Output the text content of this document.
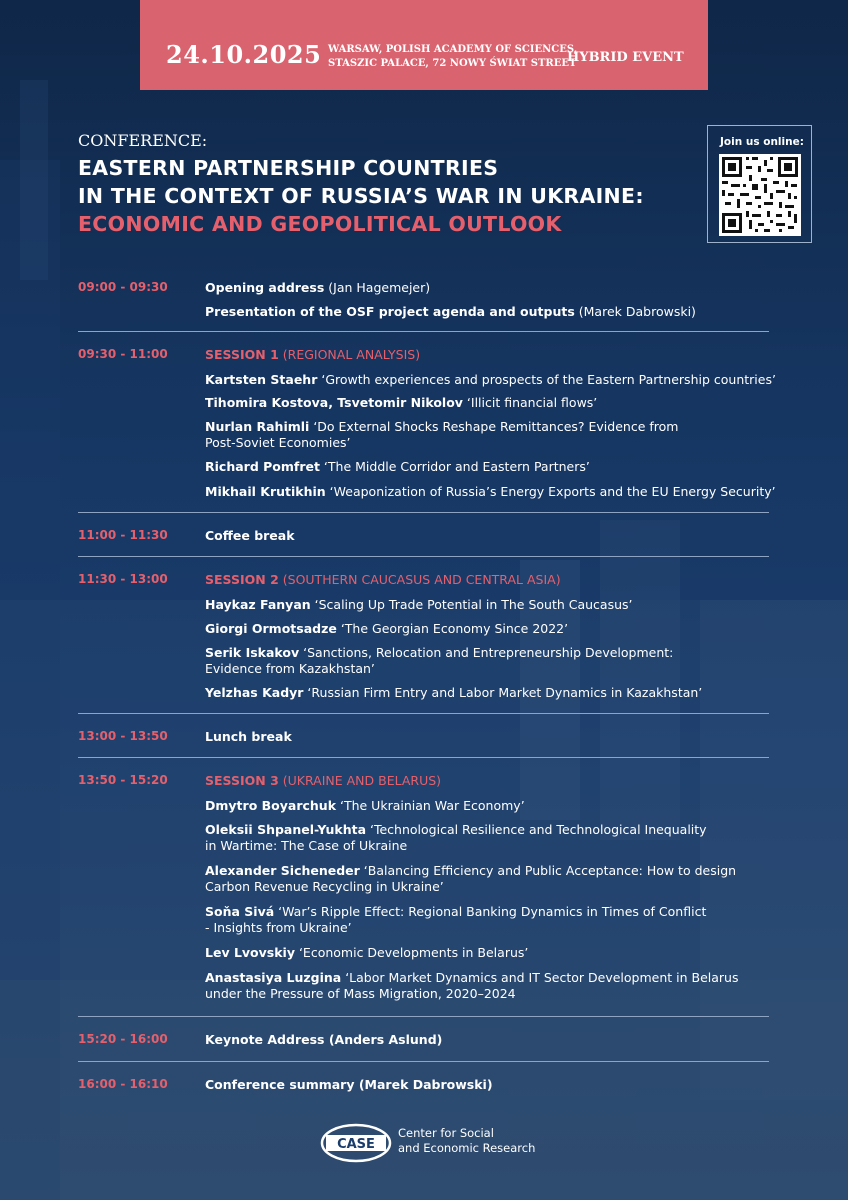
24.10.2025 WARSAW, POLISH ACADEMY OF SCIENCES,
STASZIC PALACE, 72 NOWY ŚWIAT STREET
HYBRID EVENT
CONFERENCE:
EASTERN PARTNERSHIP COUNTRIES
IN THE CONTEXT OF RUSSIA’S WAR IN UKRAINE:
ECONOMIC AND GEOPOLITICAL OUTLOOK
Join us online:
09:00 - 09:30	Opening address (Jan Hagemejer)
Presentation of the OSF project agenda and outputs (Marek Dabrowski)
09:30 - 11:00	SESSION 1 (REGIONAL ANALYSIS)
Kartsten Staehr ‘Growth experiences and prospects of the Eastern Partnership countries’
Tihomira Kostova, Tsvetomir Nikolov ‘Illicit financial flows’
Nurlan Rahimli ‘Do External Shocks Reshape Remittances? Evidence from
Post-Soviet Economies’
Richard Pomfret ‘The Middle Corridor and Eastern Partners’
Mikhail Krutikhin ‘Weaponization of Russia’s Energy Exports and the EU Energy Security’
11:00 - 11:30	Coffee break
11:30 - 13:00	SESSION 2 (SOUTHERN CAUCASUS AND CENTRAL ASIA)
Haykaz Fanyan ‘Scaling Up Trade Potential in The South Caucasus’
Giorgi Ormotsadze ‘The Georgian Economy Since 2022’
Serik Iskakov ‘Sanctions, Relocation and Entrepreneurship Development:
Evidence from Kazakhstan’
Yelzhas Kadyr ‘Russian Firm Entry and Labor Market Dynamics in Kazakhstan’
13:00 - 13:50	Lunch break
13:50 - 15:20	SESSION 3 (UKRAINE AND BELARUS)
Dmytro Boyarchuk ‘The Ukrainian War Economy’
Oleksii Shpanel-Yukhta ‘Technological Resilience and Technological Inequality
in Wartime: The Case of Ukraine
Alexander Sicheneder ‘Balancing Efficiency and Public Acceptance: How to design
Carbon Revenue Recycling in Ukraine’
Soňa Sivá ‘War’s Ripple Effect: Regional Banking Dynamics in Times of Conflict
- Insights from Ukraine’
Lev Lvovskiy ‘Economic Developments in Belarus’
Anastasiya Luzgina ‘Labor Market Dynamics and IT Sector Development in Belarus
under the Pressure of Mass Migration, 2020–2024
15:20 - 16:00	Keynote Address (Anders Aslund)
16:00 - 16:10	Conference summary (Marek Dabrowski)
CASE
Center for Social
and Economic Research
